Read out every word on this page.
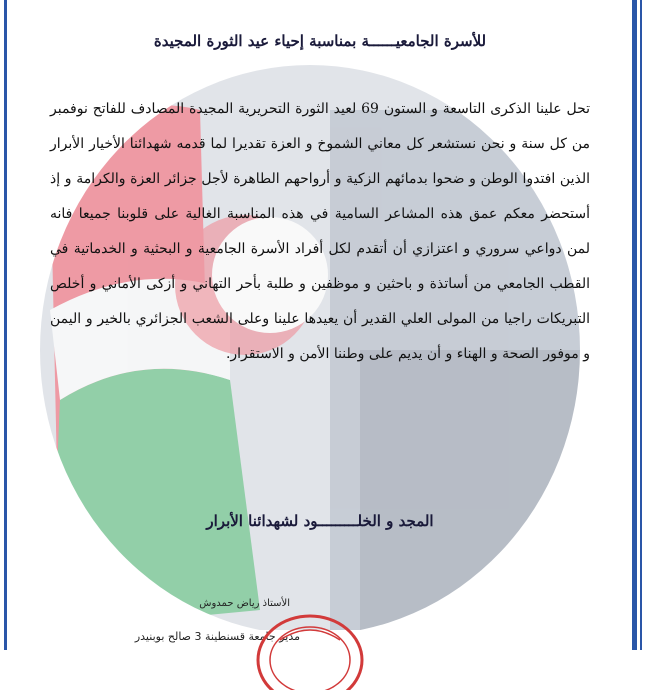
للأسرة الجامعيــــــة بمناسبة إحياء عيد الثورة المجيدة
تحل علينا الذكرى التاسعة و الستون 69 لعيد الثورة التحريرية المجيدة المصادف للفاتح نوفمبر من كل سنة و نحن نستشعر كل معاني الشموخ و العزة تقديرا لما قدمه شهدائنا الأخيار الأبرار الذين افتدوا الوطن و ضحوا بدمائهم الزكية و أرواحهم الطاهرة لأجل جزائر العزة والكرامة و إذ أستحضر معكم عمق هذه المشاعر السامية في هذه المناسبة الغالية على قلوبنا جميعا فانه لمن دواعي سروري و اعتزازي أن أتقدم لكل أفراد الأسرة الجامعية و البحثية و الخدماتية في القطب الجامعي من أساتذة و باحثين و موظفين و طلبة بأحر التهاني و أزكى الأماني و أخلص التبريكات راجيا من المولى العلي القدير أن يعيدها علينا وعلى الشعب الجزائري بالخير و اليمن و موفور الصحة و الهناء و أن يديم على وطننا الأمن و الاستقرار.
المجد و الخلـــــــــود لشهدائنا الأبرار
الأستاذ رياض حمدوش
مدير جامعة قسنطينة 3 صالح بوبنيدر
